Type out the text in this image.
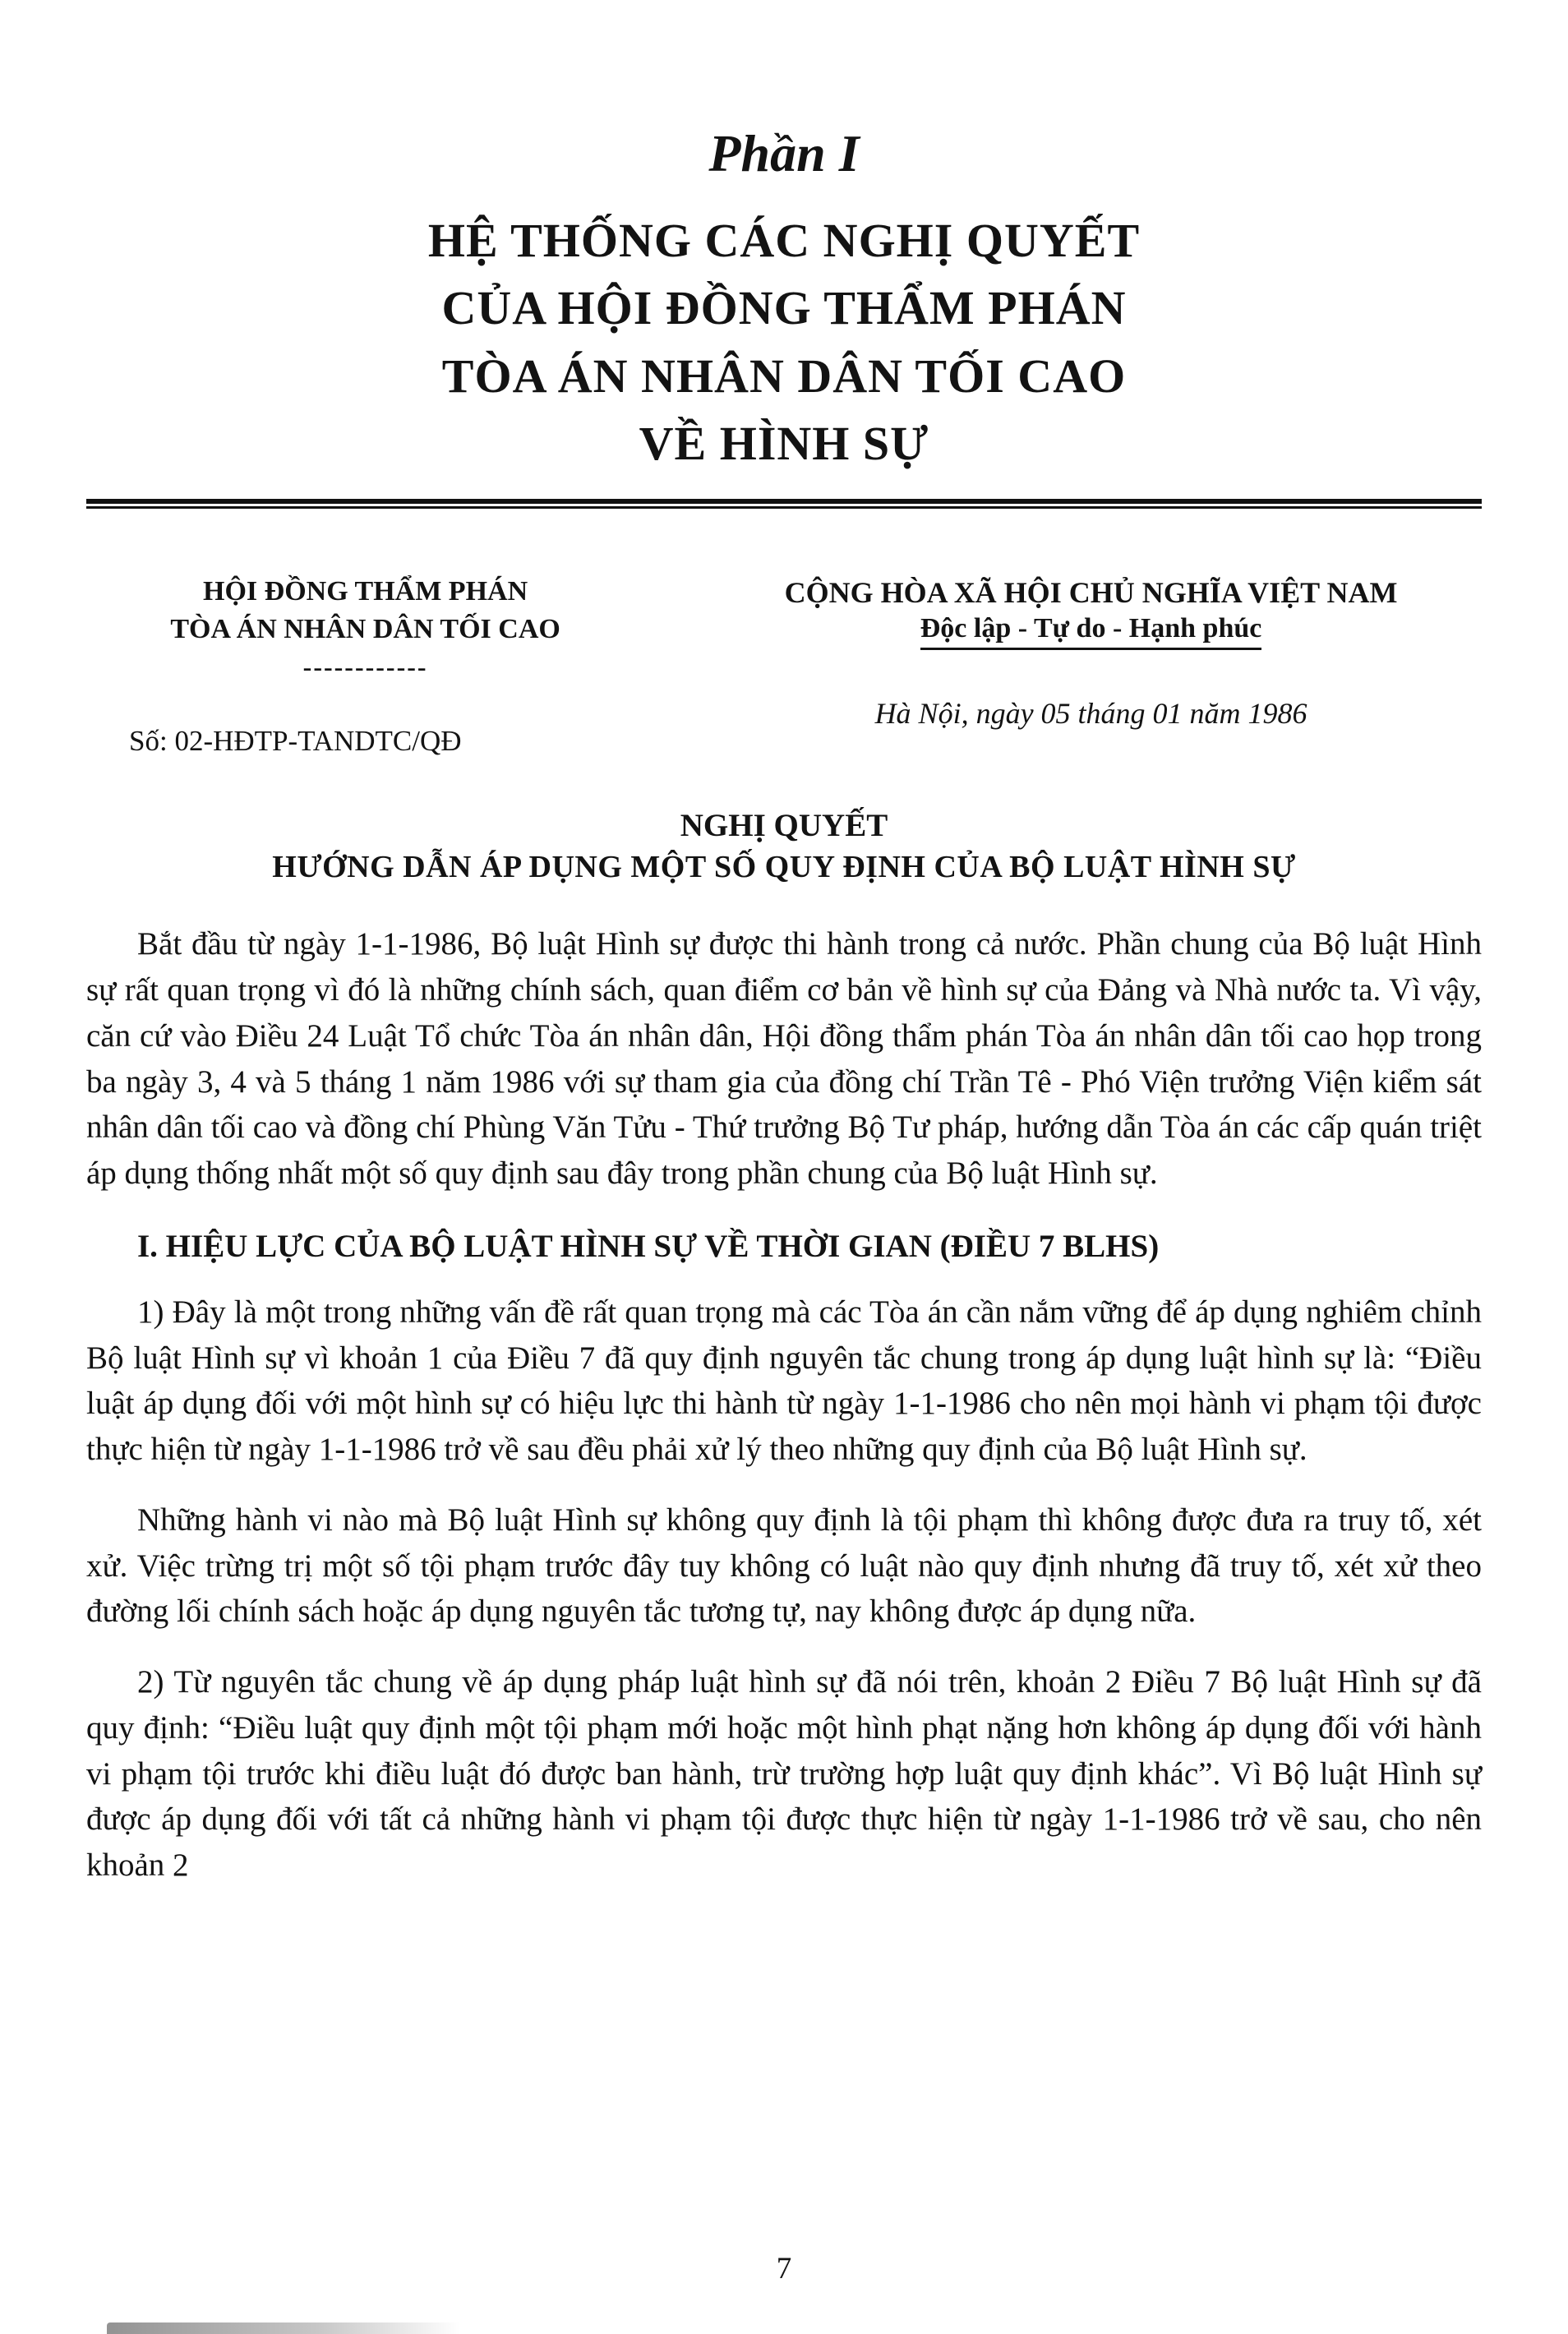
Phần I
HỆ THỐNG CÁC NGHỊ QUYẾT
CỦA HỘI ĐỒNG THẨM PHÁN
TÒA ÁN NHÂN DÂN TỐI CAO
VỀ HÌNH SỰ
HỘI ĐỒNG THẨM PHÁN
TÒA ÁN NHÂN DÂN TỐI CAO
------------
Số: 02-HĐTP-TANDTC/QĐ
CỘNG HÒA XÃ HỘI CHỦ NGHĨA VIỆT NAM
Độc lập - Tự do - Hạnh phúc
Hà Nội, ngày 05 tháng 01 năm 1986
NGHỊ QUYẾT
HƯỚNG DẪN ÁP DỤNG MỘT SỐ QUY ĐỊNH CỦA BỘ LUẬT HÌNH SỰ

Bắt đầu từ ngày 1-1-1986, Bộ luật Hình sự được thi hành trong cả nước. Phần chung của Bộ luật Hình sự rất quan trọng vì đó là những chính sách, quan điểm cơ bản về hình sự của Đảng và Nhà nước ta. Vì vậy, căn cứ vào Điều 24 Luật Tổ chức Tòa án nhân dân, Hội đồng thẩm phán Tòa án nhân dân tối cao họp trong ba ngày 3, 4 và 5 tháng 1 năm 1986 với sự tham gia của đồng chí Trần Tê - Phó Viện trưởng Viện kiểm sát nhân dân tối cao và đồng chí Phùng Văn Tửu - Thứ trưởng Bộ Tư pháp, hướng dẫn Tòa án các cấp quán triệt áp dụng thống nhất một số quy định sau đây trong phần chung của Bộ luật Hình sự.

I. HIỆU LỰC CỦA BỘ LUẬT HÌNH SỰ VỀ THỜI GIAN (ĐIỀU 7 BLHS)

1) Đây là một trong những vấn đề rất quan trọng mà các Tòa án cần nắm vững để áp dụng nghiêm chỉnh Bộ luật Hình sự vì khoản 1 của Điều 7 đã quy định nguyên tắc chung trong áp dụng luật hình sự là: “Điều luật áp dụng đối với một hình sự có hiệu lực thi hành từ ngày 1-1-1986 cho nên mọi hành vi phạm tội được thực hiện từ ngày 1-1-1986 trở về sau đều phải xử lý theo những quy định của Bộ luật Hình sự.

Những hành vi nào mà Bộ luật Hình sự không quy định là tội phạm thì không được đưa ra truy tố, xét xử. Việc trừng trị một số tội phạm trước đây tuy không có luật nào quy định nhưng đã truy tố, xét xử theo đường lối chính sách hoặc áp dụng nguyên tắc tương tự, nay không được áp dụng nữa.

2) Từ nguyên tắc chung về áp dụng pháp luật hình sự đã nói trên, khoản 2 Điều 7 Bộ luật Hình sự đã quy định: “Điều luật quy định một tội phạm mới hoặc một hình phạt nặng hơn không áp dụng đối với hành vi phạm tội trước khi điều luật đó được ban hành, trừ trường hợp luật quy định khác”. Vì Bộ luật Hình sự được áp dụng đối với tất cả những hành vi phạm tội được thực hiện từ ngày 1-1-1986 trở về sau, cho nên khoản 2

7
